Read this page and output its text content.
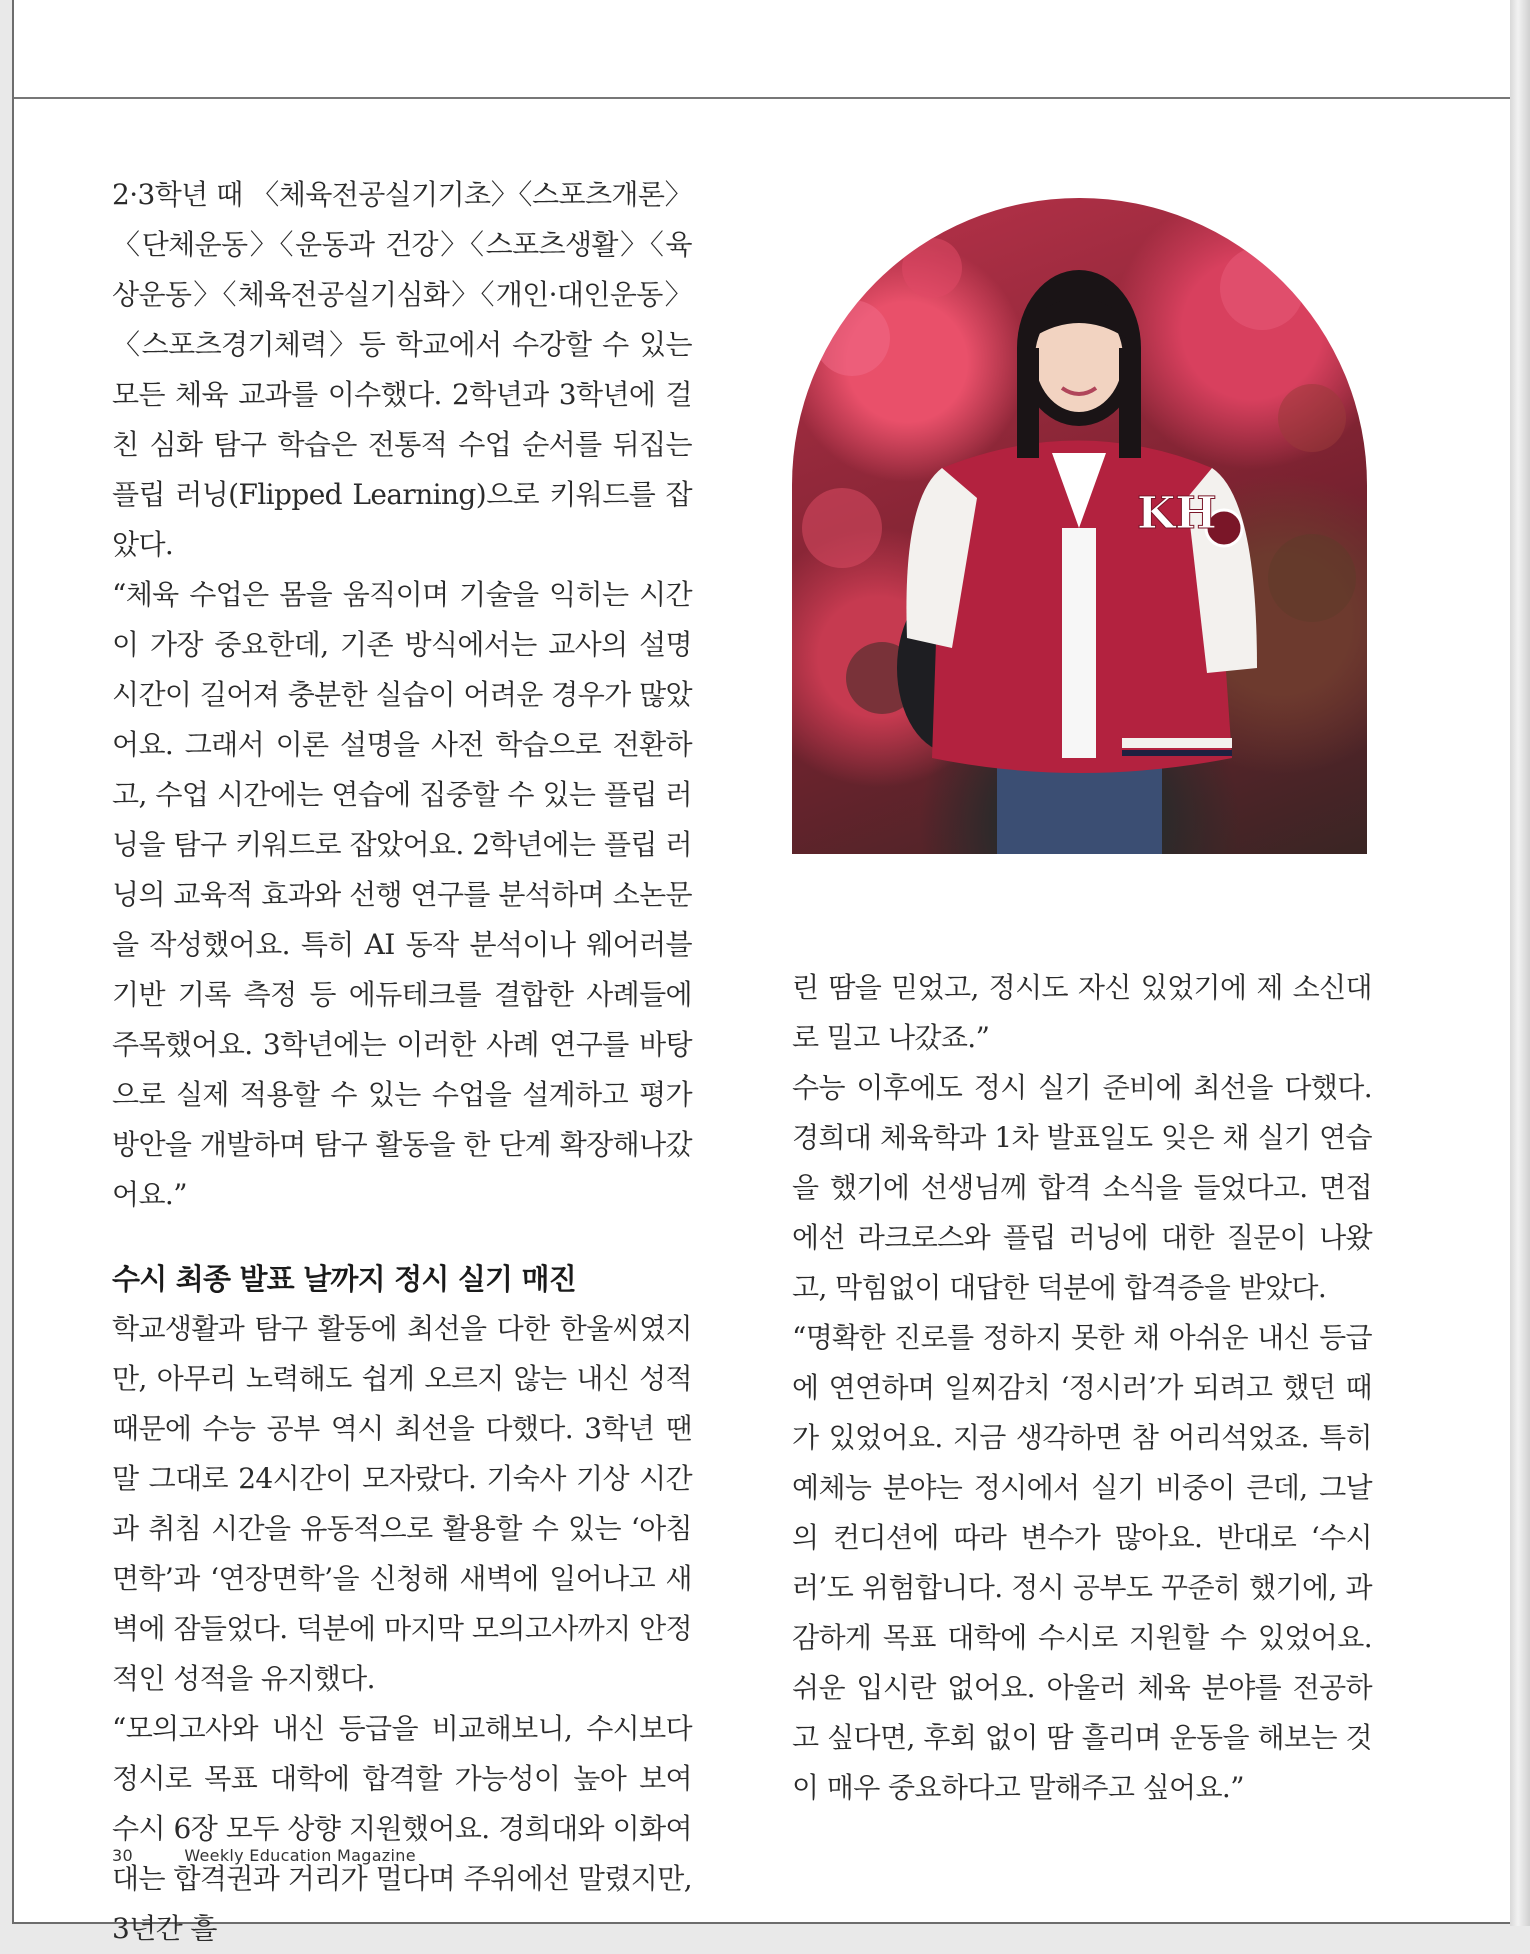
2·3학년 때 〈체육전공실기기초〉〈스포츠개론〉〈단체운동〉〈운동과 건강〉〈스포츠생활〉〈육상운동〉〈체육전공실기심화〉〈개인·대인운동〉〈스포츠경기체력〉등 학교에서 수강할 수 있는 모든 체육 교과를 이수했다. 2학년과 3학년에 걸친 심화 탐구 학습은 전통적 수업 순서를 뒤집는 플립 러닝(Flipped Learning)으로 키워드를 잡았다.

“체육 수업은 몸을 움직이며 기술을 익히는 시간이 가장 중요한데, 기존 방식에서는 교사의 설명 시간이 길어져 충분한 실습이 어려운 경우가 많았어요. 그래서 이론 설명을 사전 학습으로 전환하고, 수업 시간에는 연습에 집중할 수 있는 플립 러닝을 탐구 키워드로 잡았어요. 2학년에는 플립 러닝의 교육적 효과와 선행 연구를 분석하며 소논문을 작성했어요. 특히 AI 동작 분석이나 웨어러블 기반 기록 측정 등 에듀테크를 결합한 사례들에 주목했어요. 3학년에는 이러한 사례 연구를 바탕으로 실제 적용할 수 있는 수업을 설계하고 평가 방안을 개발하며 탐구 활동을 한 단계 확장해나갔어요.”

수시 최종 발표 날까지 정시 실기 매진

학교생활과 탐구 활동에 최선을 다한 한울씨였지만, 아무리 노력해도 쉽게 오르지 않는 내신 성적 때문에 수능 공부 역시 최선을 다했다. 3학년 땐 말 그대로 24시간이 모자랐다. 기숙사 기상 시간과 취침 시간을 유동적으로 활용할 수 있는 ‘아침면학’과 ‘연장면학’을 신청해 새벽에 일어나고 새벽에 잠들었다. 덕분에 마지막 모의고사까지 안정적인 성적을 유지했다.

“모의고사와 내신 등급을 비교해보니, 수시보다 정시로 목표 대학에 합격할 가능성이 높아 보여 수시 6장 모두 상향 지원했어요. 경희대와 이화여대는 합격권과 거리가 멀다며 주위에선 말렸지만, 3년간 흘

KH

린 땀을 믿었고, 정시도 자신 있었기에 제 소신대로 밀고 나갔죠.”

수능 이후에도 정시 실기 준비에 최선을 다했다. 경희대 체육학과 1차 발표일도 잊은 채 실기 연습을 했기에 선생님께 합격 소식을 들었다고. 면접에선 라크로스와 플립 러닝에 대한 질문이 나왔고, 막힘없이 대답한 덕분에 합격증을 받았다.

“명확한 진로를 정하지 못한 채 아쉬운 내신 등급에 연연하며 일찌감치 ‘정시러’가 되려고 했던 때가 있었어요. 지금 생각하면 참 어리석었죠. 특히 예체능 분야는 정시에서 실기 비중이 큰데, 그날의 컨디션에 따라 변수가 많아요. 반대로 ‘수시러’도 위험합니다. 정시 공부도 꾸준히 했기에, 과감하게 목표 대학에 수시로 지원할 수 있었어요. 쉬운 입시란 없어요. 아울러 체육 분야를 전공하고 싶다면, 후회 없이 땀 흘리며 운동을 해보는 것이 매우 중요하다고 말해주고 싶어요.”

30	Weekly Education Magazine
